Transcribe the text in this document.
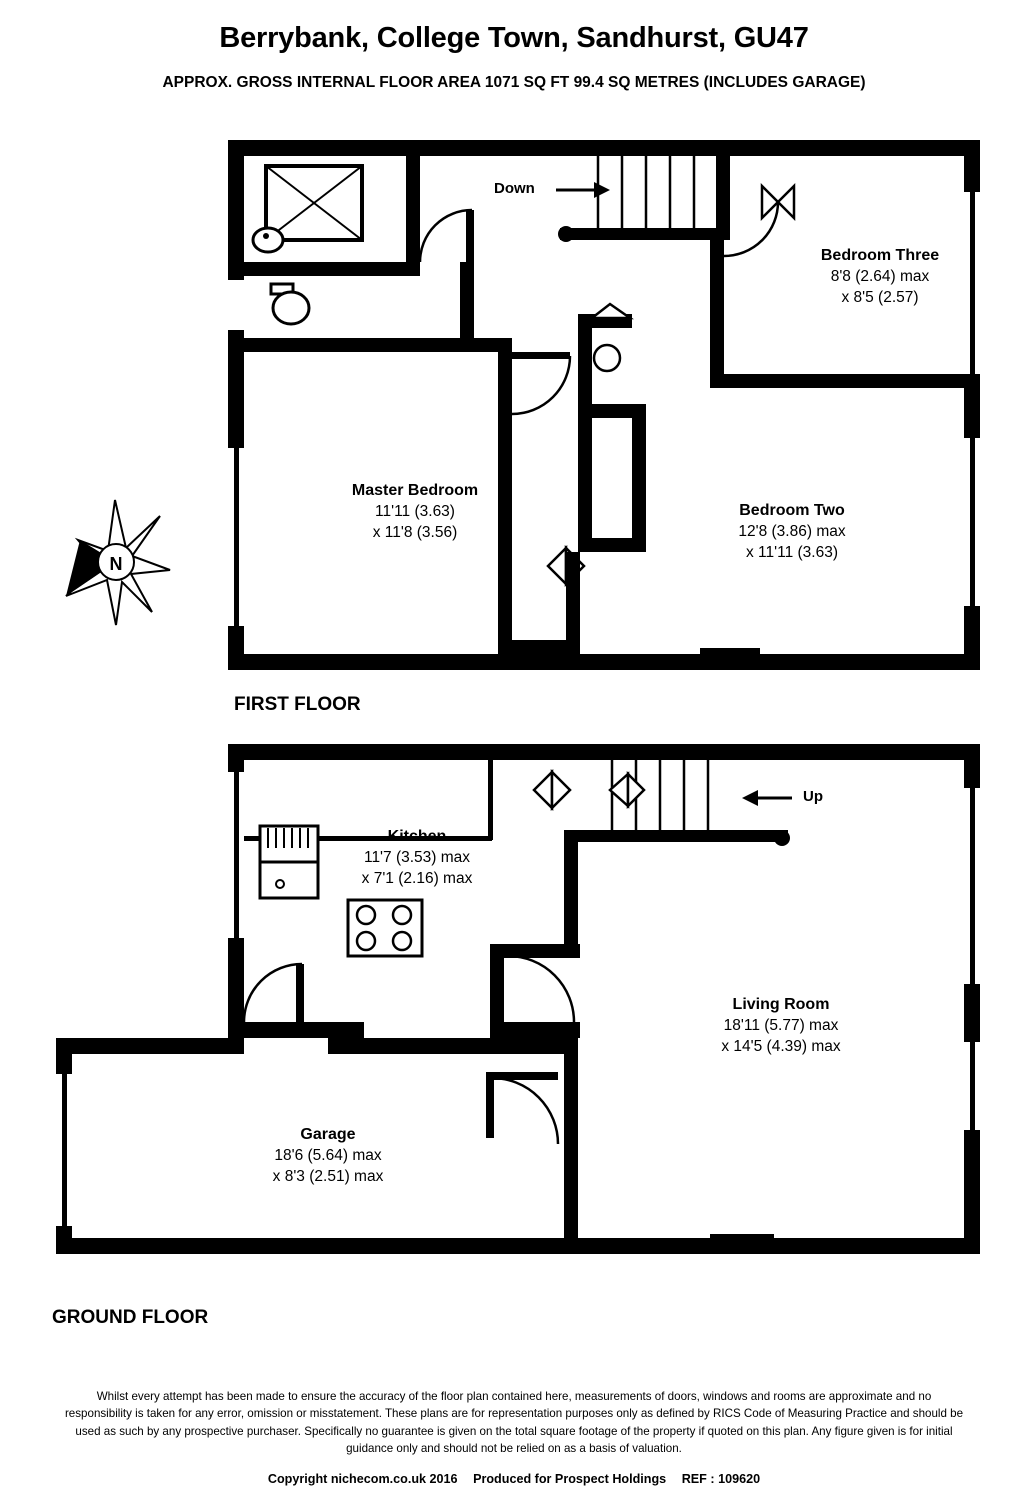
Berrybank, College Town, Sandhurst, GU47
APPROX. GROSS INTERNAL FLOOR AREA 1071 SQ FT 99.4 SQ METRES (INCLUDES GARAGE)
N
Down
Up
Bedroom Three
8'8 (2.64) max
x 8'5 (2.57)
Master Bedroom
11'11 (3.63)
x 11'8 (3.56)
Bedroom Two
12'8 (3.86) max
x 11'11 (3.63)
Kitchen
11'7 (3.53) max
x 7'1 (2.16) max
Living Room
18'11 (5.77) max
x 14'5 (4.39) max
Garage
18'6 (5.64) max
x 8'3 (2.51) max
FIRST FLOOR
GROUND FLOOR
Whilst every attempt has been made to ensure the accuracy of the floor plan contained here, measurements of doors, windows and rooms are approximate and no responsibility is taken for any error, omission or misstatement. These plans are for representation purposes only as defined by RICS Code of Measuring Practice and should be used as such by any prospective purchaser. Specifically no guarantee is given on the total square footage of the property if quoted on this plan. Any figure given is for initial guidance only and should not be relied on as a basis of valuation.
Copyright nichecom.co.uk 2016 Produced for Prospect Holdings REF : 109620
